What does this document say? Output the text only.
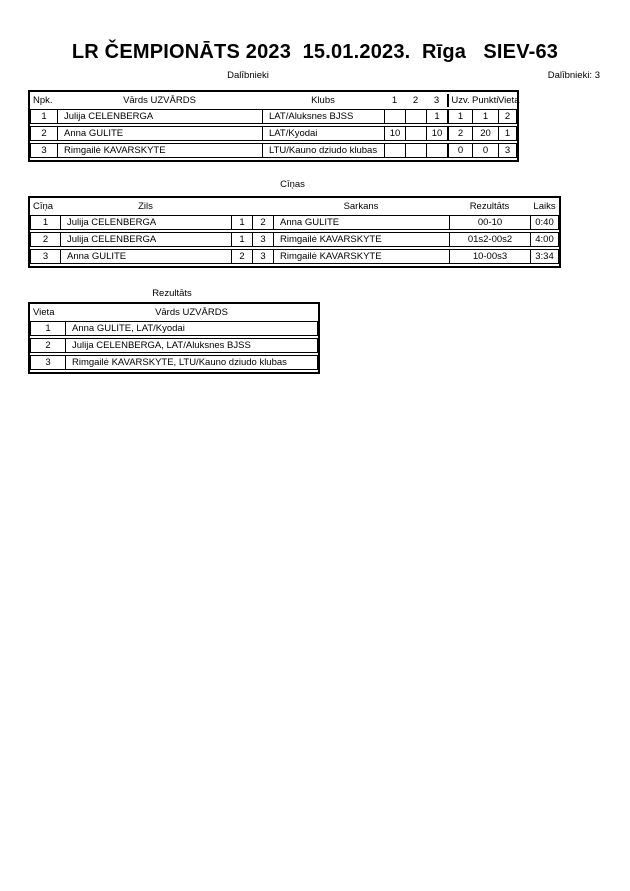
LR ČEMPIONĀTS 2023  15.01.2023.  Rīga   SIEV-63
Dalībnieki	Dalībnieki: 3
Npk.	Vārds UZVĀRDS	Klubs	1	2	3	Uzv.	Punkti	Vieta
1	Julija CELENBERGA	LAT/Aluksnes BJSS			1	1	1	2
2	Anna GULITE	LAT/Kyodai	10		10	2	20	1
3	Rimgailė KAVARSKYTE	LTU/Kauno dziudo klubas				0	0	3
Cīņas
Cīņa	Zils			Sarkans	Rezultāts	Laiks
1	Julija CELENBERGA	1	2	Anna GULITE	00-10	0:40
2	Julija CELENBERGA	1	3	Rimgailė KAVARSKYTE	01s2-00s2	4:00
3	Anna GULITE	2	3	Rimgailė KAVARSKYTE	10-00s3	3:34
Rezultāts
Vieta	Vārds UZVĀRDS
1	Anna GULITE, LAT/Kyodai
2	Julija CELENBERGA, LAT/Aluksnes BJSS
3	Rimgailė KAVARSKYTE, LTU/Kauno dziudo klubas
